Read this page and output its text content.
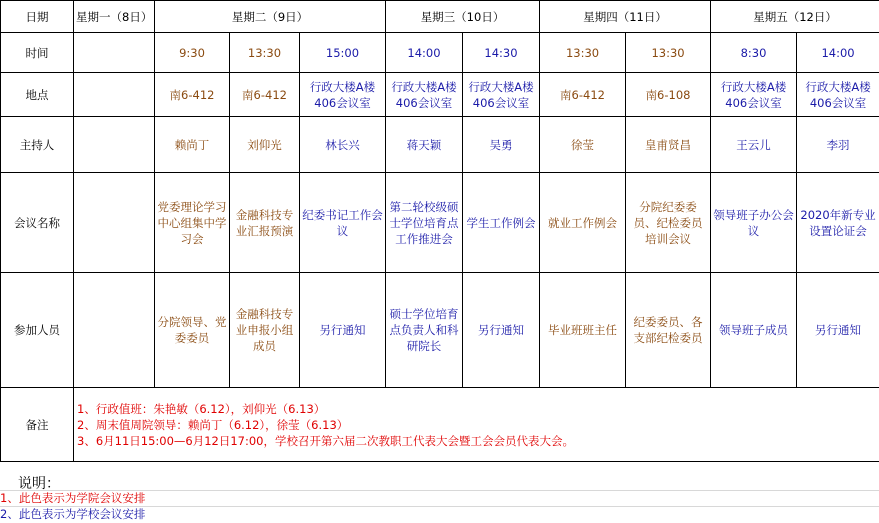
日期	星期一（8日）	星期二（9日）			星期三（10日）		星期四（11日）		星期五（12日）	
时间		9:30	13:30	15:00	14:00	14:30	13:30	13:30	8:30	14:00
地点		南6-412	南6-412	行政大楼A楼406会议室	行政大楼A楼406会议室	行政大楼A楼406会议室	南6-412	南6-108	行政大楼A楼406会议室	行政大楼A楼406会议室
主持人		赖尚丁	刘仰光	林长兴	蒋天颖	吴勇	徐莹	皇甫贤昌	王云儿	李羽
会议名称		党委理论学习中心组集中学习会	金融科技专业汇报预演	纪委书记工作会议	第二轮校级硕士学位培育点工作推进会	学生工作例会	就业工作例会	分院纪委委员、纪检委员培训会议	领导班子办公会议	2020年新专业设置论证会
参加人员		分院领导、党委委员	金融科技专业申报小组成员	另行通知	硕士学位培育点负责人和科研院长	另行通知	毕业班班主任	纪委委员、各支部纪检委员	领导班子成员	另行通知
备注	1、行政值班：朱艳敏（6.12），刘仰光（6.13）
2、周末值周院领导：赖尚丁（6.12），徐莹（6.13）
3、6月11日15:00—6月12日17:00，学校召开第六届二次教职工代表大会暨工会会员代表大会。									
说明：
1、此色表示为学院会议安排
2、此色表示为学校会议安排
